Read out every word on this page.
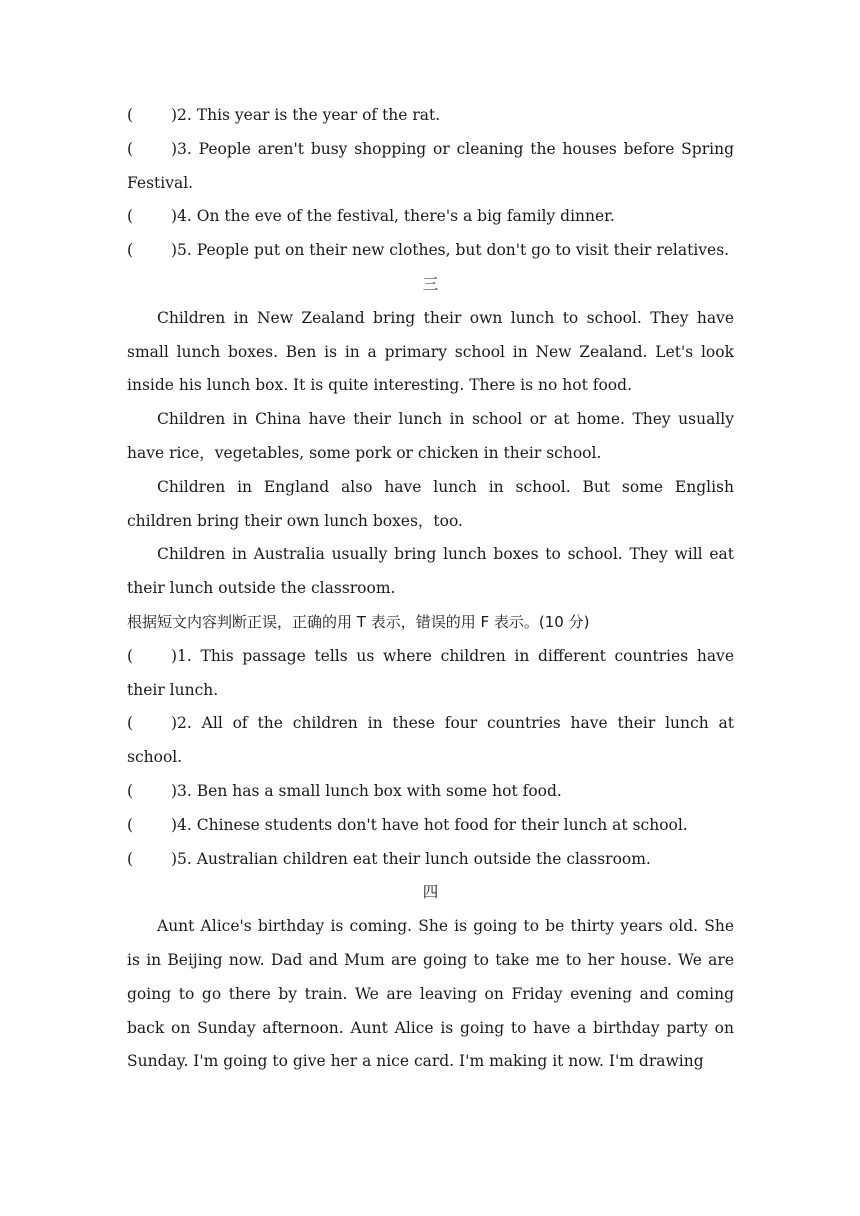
( )2. This year is the year of the rat.

( )3. People aren't busy shopping or cleaning the houses before Spring Festival.

( )4. On the eve of the festival, there's a big family dinner.

( )5. People put on their new clothes, but don't go to visit their relatives.

三

Children in New Zealand bring their own lunch to school. They have small lunch boxes. Ben is in a primary school in New Zealand. Let's look inside his lunch box. It is quite interesting. There is no hot food.

Children in China have their lunch in school or at home. They usually have rice，vegetables, some pork or chicken in their school.

Children in England also have lunch in school. But some English children bring their own lunch boxes，too.

Children in Australia usually bring lunch boxes to school. They will eat their lunch outside the classroom.

根据短文内容判断正误，正确的用 T 表示，错误的用 F 表示。(10 分)

( )1. This passage tells us where children in different countries have their lunch.

( )2. All of the children in these four countries have their lunch at school.

( )3. Ben has a small lunch box with some hot food.

( )4. Chinese students don't have hot food for their lunch at school.

( )5. Australian children eat their lunch outside the classroom.

四

Aunt Alice's birthday is coming. She is going to be thirty years old. She is in Beijing now. Dad and Mum are going to take me to her house. We are going to go there by train. We are leaving on Friday evening and coming back on Sunday afternoon. Aunt Alice is going to have a birthday party on Sunday. I'm going to give her a nice card. I'm making it now. I'm drawing
